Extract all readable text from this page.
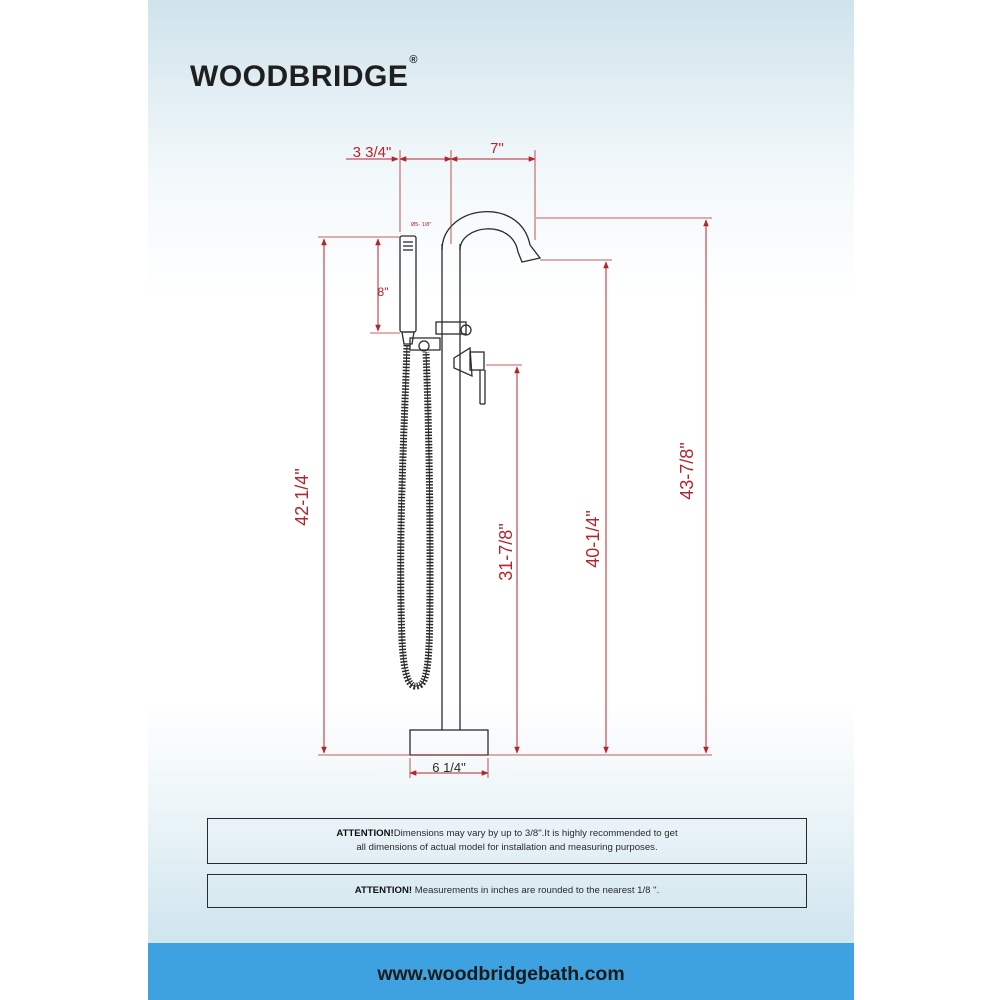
WOODBRIDGE®
3 3/4"	7"
Ø5- 1/8"
8"
42-1/4"
31-7/8"	40-1/4"
43-7/8"
6 1/4"
ATTENTION!Dimensions may vary by up to 3/8".It is highly recommended to get
all dimensions of actual model for installation and measuring purposes.
ATTENTION! Measurements in inches are rounded to the nearest 1/8 ".
www.woodbridgebath.com
